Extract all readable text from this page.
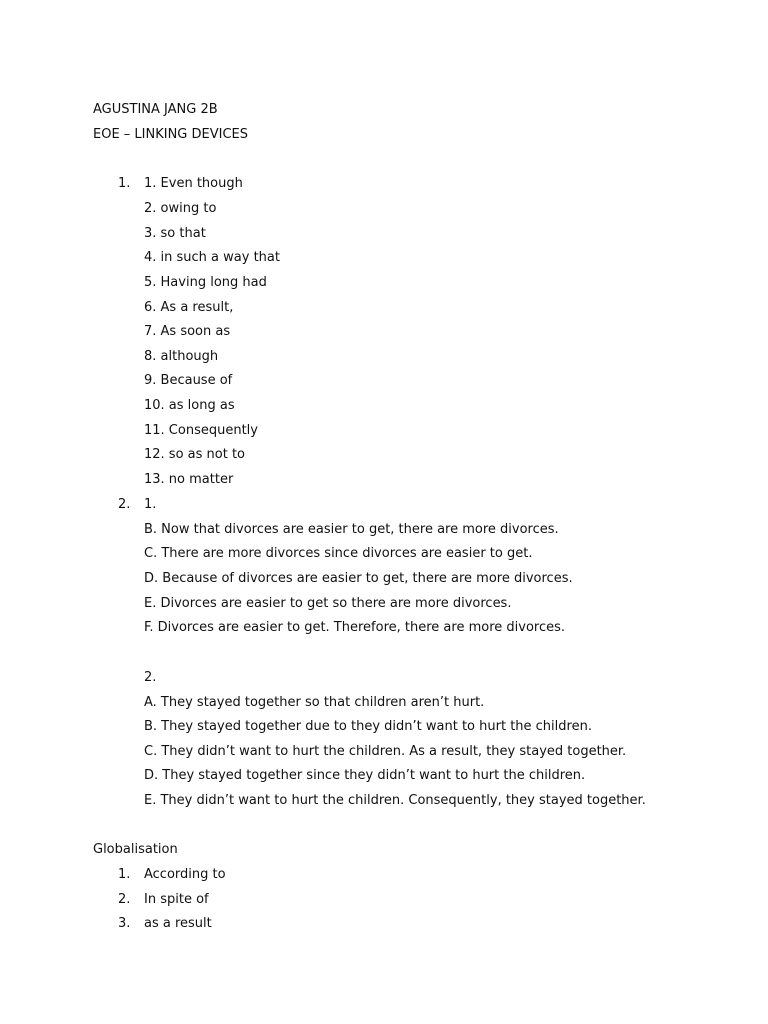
AGUSTINA JANG 2B
EOE – LINKING DEVICES
1. 1. Even though
2. owing to
3. so that
4. in such a way that
5. Having long had
6. As a result,
7. As soon as
8. although
9. Because of
10. as long as
11. Consequently
12. so as not to
13. no matter
2. 1.
B. Now that divorces are easier to get, there are more divorces.
C. There are more divorces since divorces are easier to get.
D. Because of divorces are easier to get, there are more divorces.
E. Divorces are easier to get so there are more divorces.
F. Divorces are easier to get. Therefore, there are more divorces.
2.
A. They stayed together so that children aren’t hurt.
B. They stayed together due to they didn’t want to hurt the children.
C. They didn’t want to hurt the children. As a result, they stayed together.
D. They stayed together since they didn’t want to hurt the children.
E. They didn’t want to hurt the children. Consequently, they stayed together.
Globalisation
1. According to
2. In spite of
3. as a result
